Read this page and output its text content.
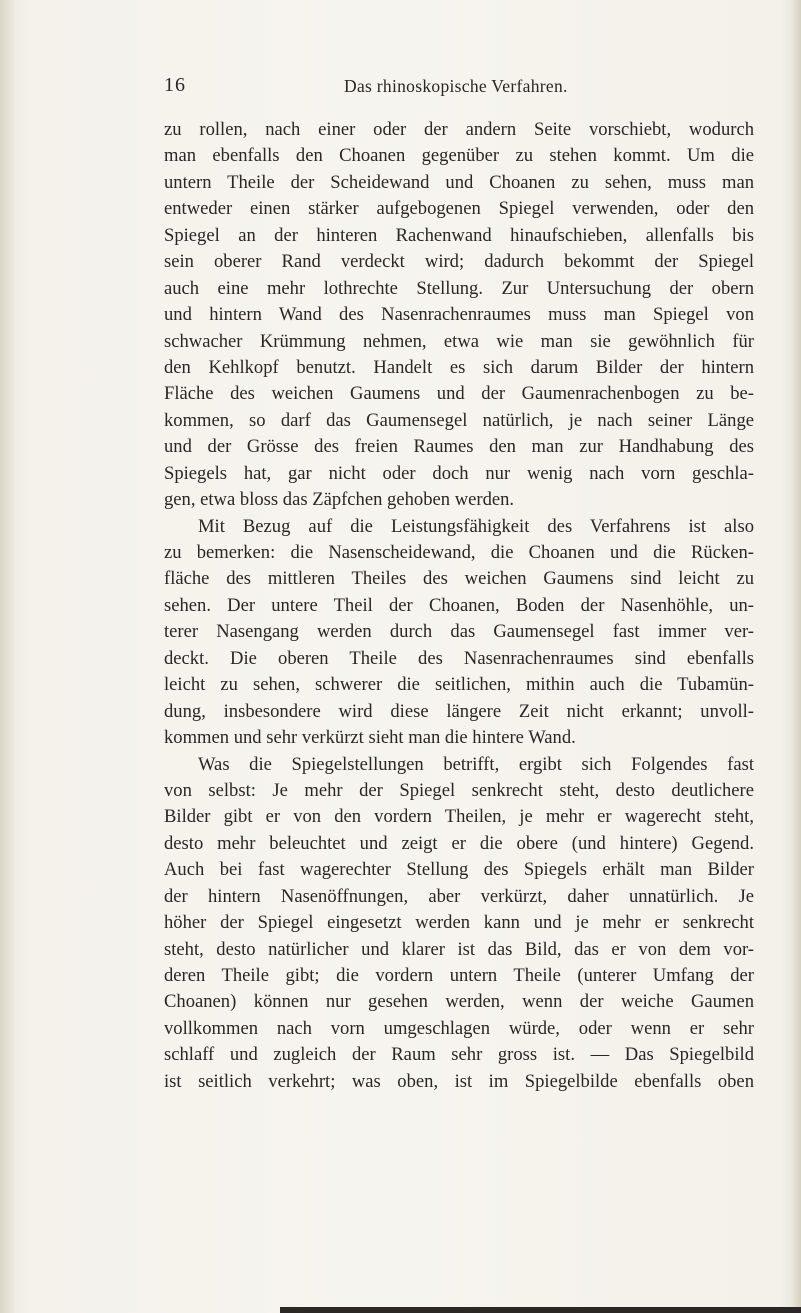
16	Das rhinoskopische Verfahren.
zu rollen, nach einer oder der andern Seite vorschiebt, wodurch
man ebenfalls den Choanen gegenüber zu stehen kommt. Um die
untern Theile der Scheidewand und Choanen zu sehen, muss man
entweder einen stärker aufgebogenen Spiegel verwenden, oder den
Spiegel an der hinteren Rachenwand hinaufschieben, allenfalls bis
sein oberer Rand verdeckt wird; dadurch bekommt der Spiegel
auch eine mehr lothrechte Stellung. Zur Untersuchung der obern
und hintern Wand des Nasenrachenraumes muss man Spiegel von
schwacher Krümmung nehmen, etwa wie man sie gewöhnlich für
den Kehlkopf benutzt. Handelt es sich darum Bilder der hintern
Fläche des weichen Gaumens und der Gaumenrachenbogen zu be-
kommen, so darf das Gaumensegel natürlich, je nach seiner Länge
und der Grösse des freien Raumes den man zur Handhabung des
Spiegels hat, gar nicht oder doch nur wenig nach vorn geschla-
gen, etwa bloss das Zäpfchen gehoben werden.
Mit Bezug auf die Leistungsfähigkeit des Verfahrens ist also
zu bemerken: die Nasenscheidewand, die Choanen und die Rücken-
fläche des mittleren Theiles des weichen Gaumens sind leicht zu
sehen. Der untere Theil der Choanen, Boden der Nasenhöhle, un-
terer Nasengang werden durch das Gaumensegel fast immer ver-
deckt. Die oberen Theile des Nasenrachenraumes sind ebenfalls
leicht zu sehen, schwerer die seitlichen, mithin auch die Tubamün-
dung, insbesondere wird diese längere Zeit nicht erkannt; unvoll-
kommen und sehr verkürzt sieht man die hintere Wand.
Was die Spiegelstellungen betrifft, ergibt sich Folgendes fast
von selbst: Je mehr der Spiegel senkrecht steht, desto deutlichere
Bilder gibt er von den vordern Theilen, je mehr er wagerecht steht,
desto mehr beleuchtet und zeigt er die obere (und hintere) Gegend.
Auch bei fast wagerechter Stellung des Spiegels erhält man Bilder
der hintern Nasenöffnungen, aber verkürzt, daher unnatürlich. Je
höher der Spiegel eingesetzt werden kann und je mehr er senkrecht
steht, desto natürlicher und klarer ist das Bild, das er von dem vor-
deren Theile gibt; die vordern untern Theile (unterer Umfang der
Choanen) können nur gesehen werden, wenn der weiche Gaumen
vollkommen nach vorn umgeschlagen würde, oder wenn er sehr
schlaff und zugleich der Raum sehr gross ist. — Das Spiegelbild
ist seitlich verkehrt; was oben, ist im Spiegelbilde ebenfalls oben
